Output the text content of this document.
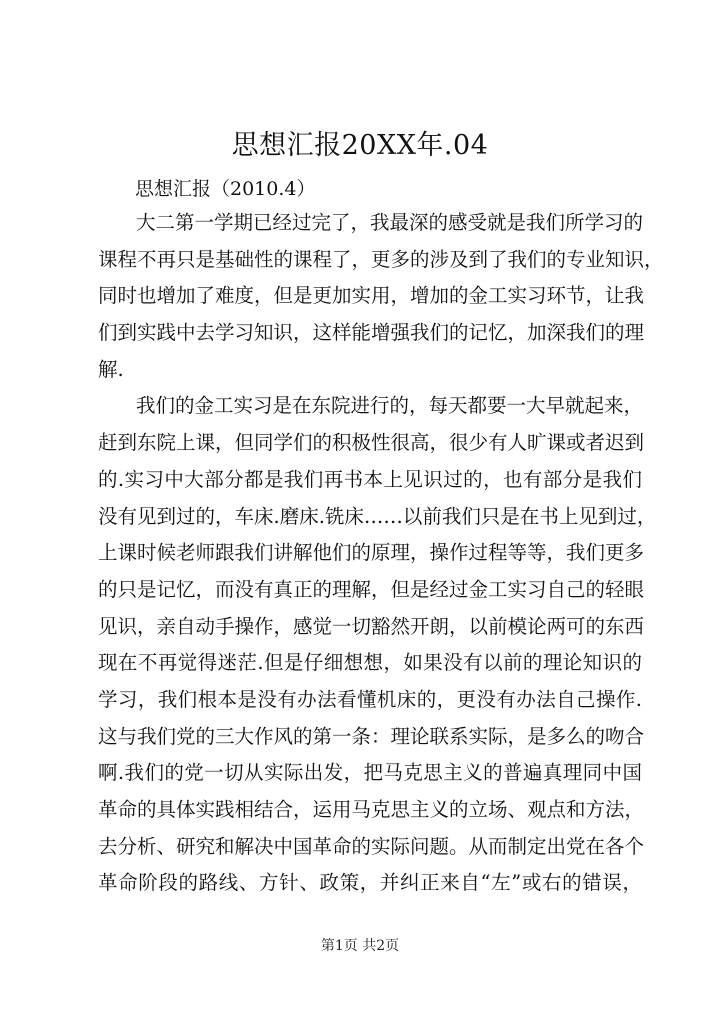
思想汇报20XX年.04

思想汇报（2010.4）

大二第一学期已经过完了，我最深的感受就是我们所学习的
课程不再只是基础性的课程了，更多的涉及到了我们的专业知识，
同时也增加了难度，但是更加实用，增加的金工实习环节，让我
们到实践中去学习知识，这样能增强我们的记忆，加深我们的理
解.
我们的金工实习是在东院进行的，每天都要一大早就起来，
赶到东院上课，但同学们的积极性很高，很少有人旷课或者迟到
的.实习中大部分都是我们再书本上见识过的，也有部分是我们
没有见到过的，车床.磨床.铣床……以前我们只是在书上见到过，
上课时候老师跟我们讲解他们的原理，操作过程等等，我们更多
的只是记忆，而没有真正的理解，但是经过金工实习自己的轻眼
见识，亲自动手操作，感觉一切豁然开朗，以前模论两可的东西
现在不再觉得迷茫.但是仔细想想，如果没有以前的理论知识的
学习，我们根本是没有办法看懂机床的，更没有办法自己操作.
这与我们党的三大作风的第一条：理论联系实际，是多么的吻合
啊.我们的党一切从实际出发，把马克思主义的普遍真理同中国
革命的具体实践相结合，运用马克思主义的立场、观点和方法，
去分析、研究和解决中国革命的实际问题。从而制定出党在各个
革命阶段的路线、方针、政策，并纠正来自“左”或右的错误，

第1页 共2页
